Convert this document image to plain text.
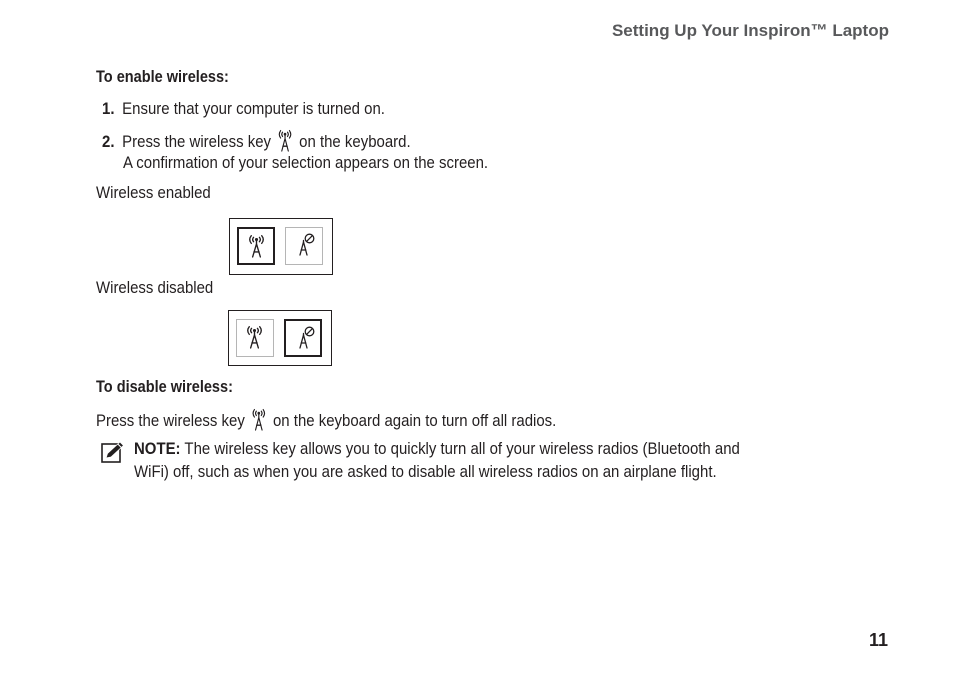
Setting Up Your Inspiron™ Laptop
To enable wireless:
1. Ensure that your computer is turned on.
2. Press the wireless key on the keyboard.
A confirmation of your selection appears on the screen.
Wireless enabled
Wireless disabled
To disable wireless:
Press the wireless key on the keyboard again to turn off all radios.
NOTE: The wireless key allows you to quickly turn all of your wireless radios (Bluetooth and
WiFi) off, such as when you are asked to disable all wireless radios on an airplane flight.
11
